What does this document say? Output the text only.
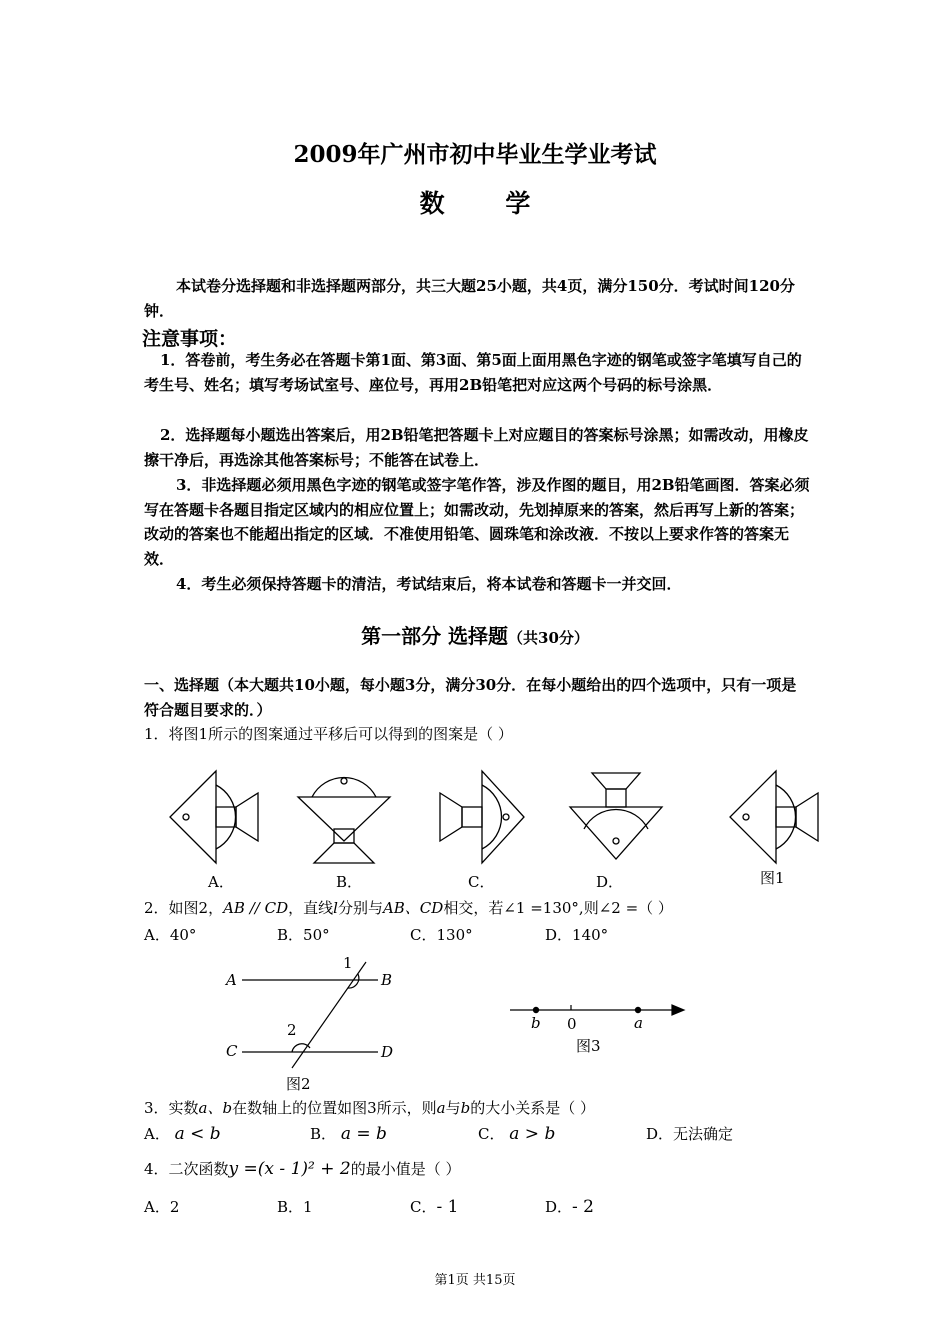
2009年广州市初中毕业生学业考试
数 学
本试卷分选择题和非选择题两部分，共三大题25小题，共4页，满分150分．考试时间120分钟．
注意事项：
1．答卷前，考生务必在答题卡第1面、第3面、第5面上面用黑色字迹的钢笔或签字笔填写自己的考生号、姓名；填写考场试室号、座位号，再用2B铅笔把对应这两个号码的标号涂黑．
2．选择题每小题选出答案后，用2B铅笔把答题卡上对应题目的答案标号涂黑；如需改动，用橡皮擦干净后，再选涂其他答案标号；不能答在试卷上．
3．非选择题必须用黑色字迹的钢笔或签字笔作答，涉及作图的题目，用2B铅笔画图．答案必须写在答题卡各题目指定区域内的相应位置上；如需改动，先划掉原来的答案，然后再写上新的答案；改动的答案也不能超出指定的区域．不准使用铅笔、圆珠笔和涂改液．不按以上要求作答的答案无效．
4．考生必须保持答题卡的清洁，考试结束后，将本试卷和答题卡一并交回．
第一部分 选择题（共30分）
一、选择题（本大题共10小题，每小题3分，满分30分．在每小题给出的四个选项中，只有一项是符合题目要求的．）
1．将图1所示的图案通过平移后可以得到的图案是（ ）
A．	B．	C．	D．	图1
2．如图2，AB // CD，直线l分别与AB、CD相交，若∠1 =130°,则∠2 =（ ）
A．40°	B．50°	C．130°	D．140°
A	B
C	D
1
2
图2
b 0	a
图3
3．实数a、b在数轴上的位置如图3所示，则a与b的大小关系是（ ）
A． a < b	B． a = b	C． a > b	D．无法确定
4．二次函数y =(x - 1)² + 2的最小值是（ ）
A．2	B．1	C．- 1	D．- 2
第1页 共15页
